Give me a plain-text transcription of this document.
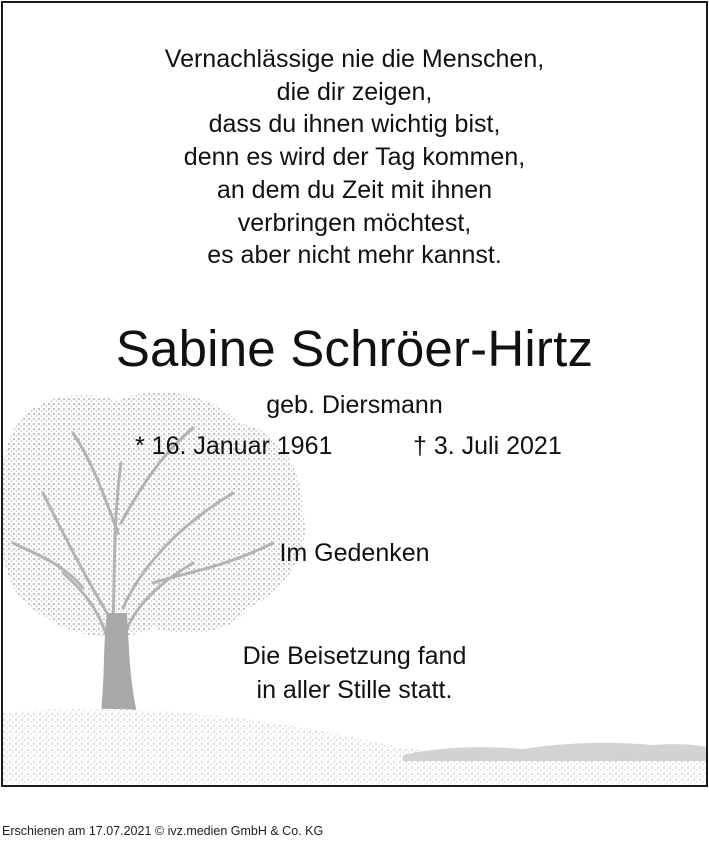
Vernachlässige nie die Menschen,
die dir zeigen,
dass du ihnen wichtig bist,
denn es wird der Tag kommen,
an dem du Zeit mit ihnen
verbringen möchtest,
es aber nicht mehr kannst.
Sabine Schröer-Hirtz
geb. Diersmann
* 16. Januar 1961	† 3. Juli 2021
Im Gedenken
Die Beisetzung fand
in aller Stille statt.
Erschienen am 17.07.2021 © ivz.medien GmbH & Co. KG
